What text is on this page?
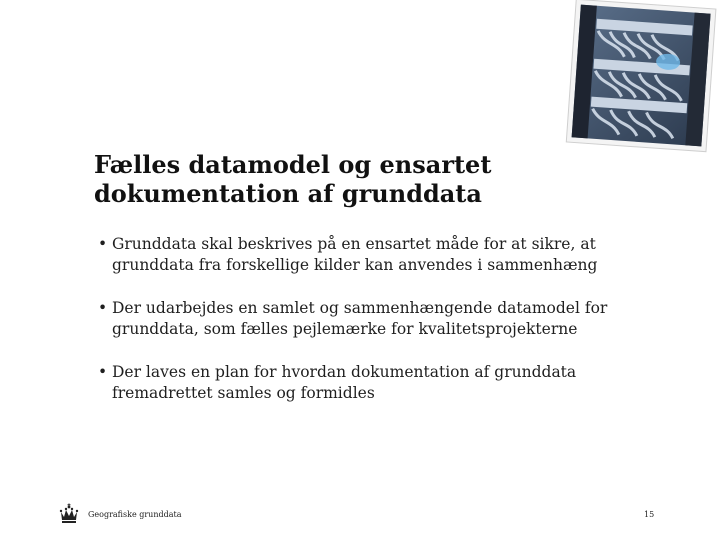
Fælles datamodel og ensartet
dokumentation af grunddata
• Grunddata skal beskrives på en ensartet måde for at sikre, at grunddata fra forskellige kilder kan anvendes i sammenhæng
• Der udarbejdes en samlet og sammenhængende datamodel for grunddata, som fælles pejlemærke for kvalitetsprojekterne
• Der laves en plan for hvordan dokumentation af grunddata fremadrettet samles og formidles
Geografiske grunddata	15
